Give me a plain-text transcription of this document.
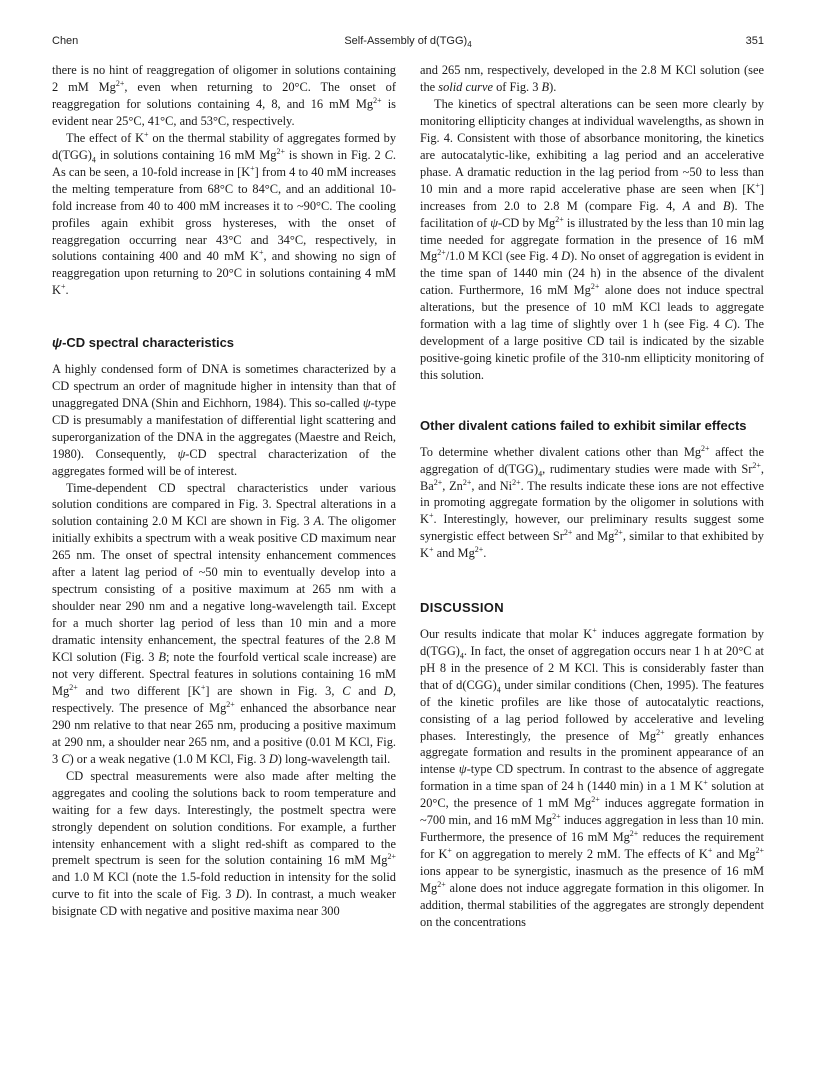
Chen	Self-Assembly of $d(TGG)_4$	351

there is no hint of reaggregation of oligomer in solutions containing 2 mM $Mg^{2+}$, even when returning to 20°C. The onset of reaggregation for solutions containing 4, 8, and 16 mM $Mg^{2+}$ is evident near 25°C, 41°C, and 53°C, respectively.

The effect of K+ on the thermal stability of aggregates formed by $d(TGG)_4$ in solutions containing 16 mM $Mg^{2+}$ is shown in Fig. 2 C. As can be seen, a 10-fold increase in [K+] from 4 to 40 mM increases the melting temperature from 68°C to 84°C, and an additional 10-fold increase from 40 to 400 mM increases it to ~90°C. The cooling profiles again exhibit gross hystereses, with the onset of reaggregation occurring near 43°C and 34°C, respectively, in solutions containing 400 and 40 mM K+, and showing no sign of reaggregation upon returning to 20°C in solutions containing 4 mM K+.

ψ-CD spectral characteristics

A highly condensed form of DNA is sometimes characterized by a CD spectrum an order of magnitude higher in intensity than that of unaggregated DNA (Shin and Eichhorn, 1984). This so-called ψ-type CD is presumably a manifestation of differential light scattering and superorganization of the DNA in the aggregates (Maestre and Reich, 1980). Consequently, ψ-CD spectral characterization of the aggregates formed will be of interest.

Time-dependent CD spectral characteristics under various solution conditions are compared in Fig. 3. Spectral alterations in a solution containing 2.0 M KCl are shown in Fig. 3 A. The oligomer initially exhibits a spectrum with a weak positive CD maximum near 265 nm. The onset of spectral intensity enhancement commences after a latent lag period of ~50 min to eventually develop into a spectrum consisting of a positive maximum at 265 nm with a shoulder near 290 nm and a negative long-wavelength tail. Except for a much shorter lag period of less than 10 min and a more dramatic intensity enhancement, the spectral features of the 2.8 M KCl solution (Fig. 3 B; note the fourfold vertical scale increase) are not very different. Spectral features in solutions containing 16 mM $Mg^{2+}$ and two different [K+] are shown in Fig. 3, C and D, respectively. The presence of $Mg^{2+}$ enhanced the absorbance near 290 nm relative to that near 265 nm, producing a positive maximum at 290 nm, a shoulder near 265 nm, and a positive (0.01 M KCl, Fig. 3 C) or a weak negative (1.0 M KCl, Fig. 3 D) long-wavelength tail.

CD spectral measurements were also made after melting the aggregates and cooling the solutions back to room temperature and waiting for a few days. Interestingly, the postmelt spectra were strongly dependent on solution conditions. For example, a further intensity enhancement with a slight red-shift as compared to the premelt spectrum is seen for the solution containing 16 mM $Mg^{2+}$ and 1.0 M KCl (note the 1.5-fold reduction in intensity for the solid curve to fit into the scale of Fig. 3 D). In contrast, a much weaker bisignate CD with negative and positive maxima near 300

and 265 nm, respectively, developed in the 2.8 M KCl solution (see the solid curve of Fig. 3 B).

The kinetics of spectral alterations can be seen more clearly by monitoring ellipticity changes at individual wavelengths, as shown in Fig. 4. Consistent with those of absorbance monitoring, the kinetics are autocatalytic-like, exhibiting a lag period and an accelerative phase. A dramatic reduction in the lag period from ~50 to less than 10 min and a more rapid accelerative phase are seen when [K+] increases from 2.0 to 2.8 M (compare Fig. 4, A and B). The facilitation of ψ-CD by $Mg^{2+}$ is illustrated by the less than 10 min lag time needed for aggregate formation in the presence of 16 mM $Mg^{2+}/1.0$ M KCl (see Fig. 4 D). No onset of aggregation is evident in the time span of 1440 min (24 h) in the absence of the divalent cation. Furthermore, 16 mM $Mg^{2+}$ alone does not induce spectral alterations, but the presence of 10 mM KCl leads to aggregate formation with a lag time of slightly over 1 h (see Fig. 4 C). The development of a large positive CD tail is indicated by the sizable positive-going kinetic profile of the 310-nm ellipticity monitoring of this solution.

Other divalent cations failed to exhibit similar effects

To determine whether divalent cations other than $Mg^{2+}$ affect the aggregation of $d(TGG)_4$, rudimentary studies were made with $Sr^{2+}$, $Ba^{2+}$, $Zn^{2+}$, and $Ni^{2+}$. The results indicate these ions are not effective in promoting aggregate formation by the oligomer in solutions with K+. Interestingly, however, our preliminary results suggest some synergistic effect between $Sr^{2+}$ and $Mg^{2+}$, similar to that exhibited by K+ and $Mg^{2+}$.

DISCUSSION

Our results indicate that molar K+ induces aggregate formation by $d(TGG)_4$. In fact, the onset of aggregation occurs near 1 h at 20°C at pH 8 in the presence of 2 M KCl. This is considerably faster than that of $d(CGG)_4$ under similar conditions (Chen, 1995). The features of the kinetic profiles are like those of autocatalytic reactions, consisting of a lag period followed by accelerative and leveling phases. Interestingly, the presence of $Mg^{2+}$ greatly enhances aggregate formation and results in the prominent appearance of an intense ψ-type CD spectrum. In contrast to the absence of aggregate formation in a time span of 24 h (1440 min) in a 1 M K+ solution at 20°C, the presence of 1 mM $Mg^{2+}$ induces aggregate formation in ~700 min, and 16 mM $Mg^{2+}$ induces aggregation in less than 10 min. Furthermore, the presence of 16 mM $Mg^{2+}$ reduces the requirement for K+ on aggregation to merely 2 mM. The effects of K+ and $Mg^{2+}$ ions appear to be synergistic, inasmuch as the presence of 16 mM $Mg^{2+}$ alone does not induce aggregate formation in this oligomer. In addition, thermal stabilities of the aggregates are strongly dependent on the concentrations
